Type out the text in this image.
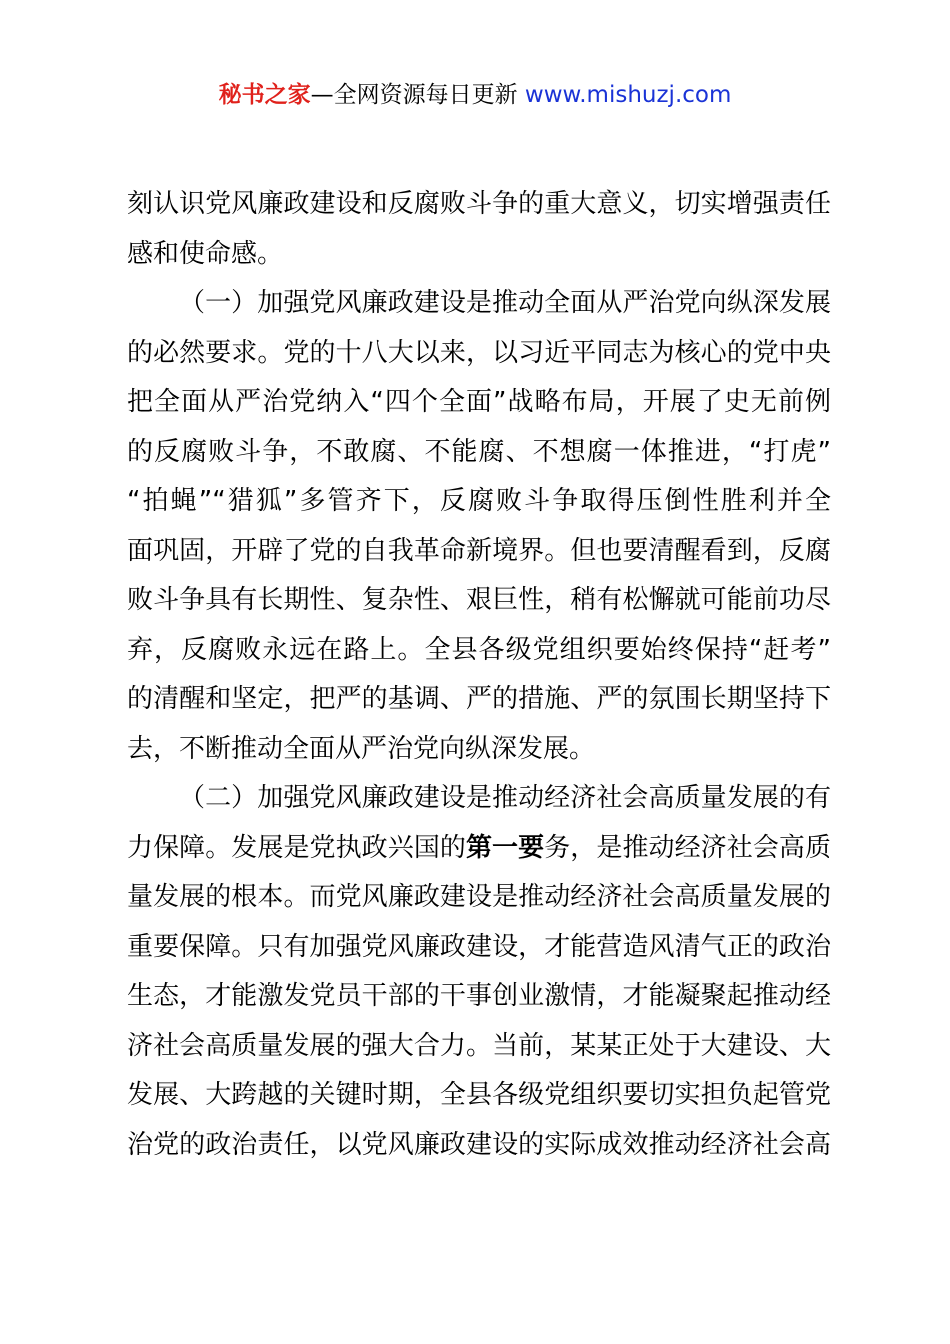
秘书之家—全网资源每日更新 www.mishuzj.com
刻认识党风廉政建设和反腐败斗争的重大意义，切实增强责任
感和使命感。
（一）加强党风廉政建设是推动全面从严治党向纵深发展
的必然要求。党的十八大以来，以习近平同志为核心的党中央
把全面从严治党纳入“四个全面”战略布局，开展了史无前例
的反腐败斗争，不敢腐、不能腐、不想腐一体推进，“打虎”
“拍蝇”“猎狐”多管齐下，反腐败斗争取得压倒性胜利并全
面巩固，开辟了党的自我革命新境界。但也要清醒看到，反腐
败斗争具有长期性、复杂性、艰巨性，稍有松懈就可能前功尽
弃，反腐败永远在路上。全县各级党组织要始终保持“赶考”
的清醒和坚定，把严的基调、严的措施、严的氛围长期坚持下
去，不断推动全面从严治党向纵深发展。
（二）加强党风廉政建设是推动经济社会高质量发展的有
力保障。发展是党执政兴国的第一要务，是推动经济社会高质
量发展的根本。而党风廉政建设是推动经济社会高质量发展的
重要保障。只有加强党风廉政建设，才能营造风清气正的政治
生态，才能激发党员干部的干事创业激情，才能凝聚起推动经
济社会高质量发展的强大合力。当前，某某正处于大建设、大
发展、大跨越的关键时期，全县各级党组织要切实担负起管党
治党的政治责任，以党风廉政建设的实际成效推动经济社会高
